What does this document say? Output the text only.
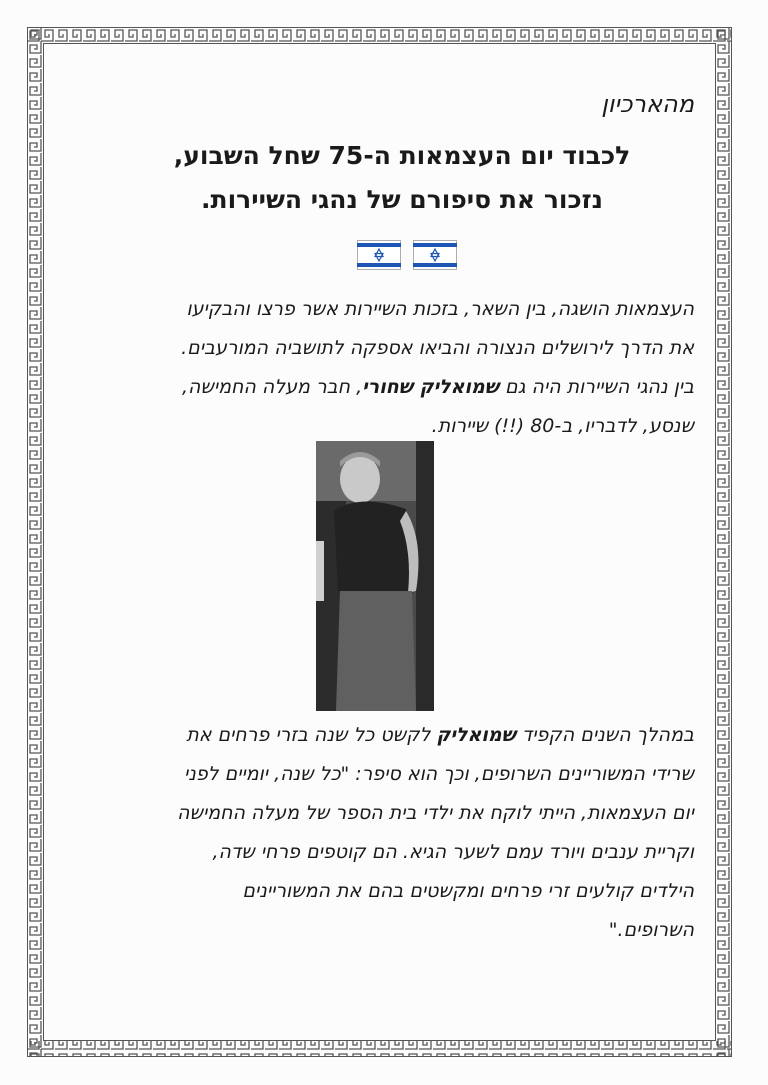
מהארכיון
לכבוד יום העצמאות ה-75 שחל השבוע,
נזכור את סיפורם של נהגי השיירות.
העצמאות הושגה, בין השאר, בזכות השיירות אשר פרצו והבקיעו
את הדרך לירושלים הנצורה והביאו אספקה לתושביה המורעבים.
בין נהגי השיירות היה גם שמואליק שחורי, חבר מעלה החמישה,
שנסע, לדבריו, ב-80 (!!) שיירות.
במהלך השנים הקפיד שמואליק לקשט כל שנה בזרי פרחים את
שרידי המשוריינים השרופים, וכך הוא סיפר: "כל שנה, יומיים לפני
יום העצמאות, הייתי לוקח את ילדי בית הספר של מעלה החמישה
וקריית ענבים ויורד עמם לשער הגיא. הם קוטפים פרחי שדה,
הילדים קולעים זרי פרחים ומקשטים בהם את המשוריינים
השרופים."
